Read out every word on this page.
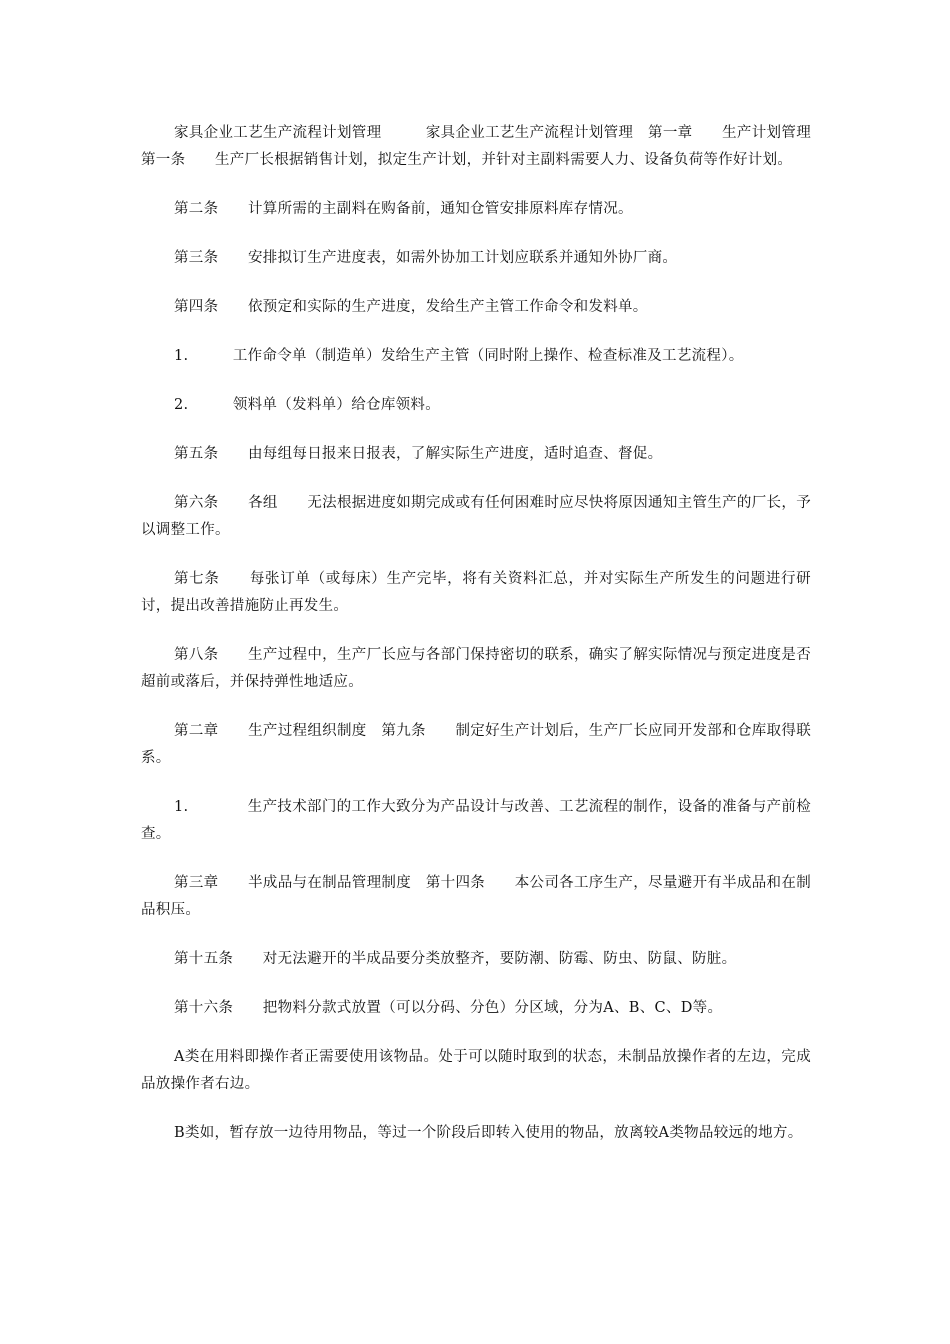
家具企业工艺生产流程计划管理　　　家具企业工艺生产流程计划管理　第一章　　生产计划管理　第一条　　生产厂长根据销售计划，拟定生产计划，并针对主副料需要人力、设备负荷等作好计划。

第二条　　计算所需的主副料在购备前，通知仓管安排原料库存情况。

第三条　　安排拟订生产进度表，如需外协加工计划应联系并通知外协厂商。

第四条　　依预定和实际的生产进度，发给生产主管工作命令和发料单。

1.　　　工作命令单（制造单）发给生产主管（同时附上操作、检查标准及工艺流程）。

2.　　　领料单（发料单）给仓库领料。

第五条　　由每组每日报来日报表，了解实际生产进度，适时追查、督促。

第六条　　各组　　无法根据进度如期完成或有任何困难时应尽快将原因通知主管生产的厂长，予以调整工作。

第七条　　每张订单（或每床）生产完毕，将有关资料汇总，并对实际生产所发生的问题进行研讨，提出改善措施防止再发生。

第八条　　生产过程中，生产厂长应与各部门保持密切的联系，确实了解实际情况与预定进度是否超前或落后，并保持弹性地适应。

第二章　　生产过程组织制度　第九条　　制定好生产计划后，生产厂长应同开发部和仓库取得联系。

1.　　　　生产技术部门的工作大致分为产品设计与改善、工艺流程的制作，设备的准备与产前检查。

第三章　　半成品与在制品管理制度　第十四条　　本公司各工序生产，尽量避开有半成品和在制品积压。

第十五条　　对无法避开的半成品要分类放整齐，要防潮、防霉、防虫、防鼠、防脏。

第十六条　　把物料分款式放置（可以分码、分色）分区域，分为A、B、C、D等。

A类在用料即操作者正需要使用该物品。处于可以随时取到的状态，未制品放操作者的左边，完成品放操作者右边。

B类如，暂存放一边待用物品，等过一个阶段后即转入使用的物品，放离较A类物品较远的地方。
